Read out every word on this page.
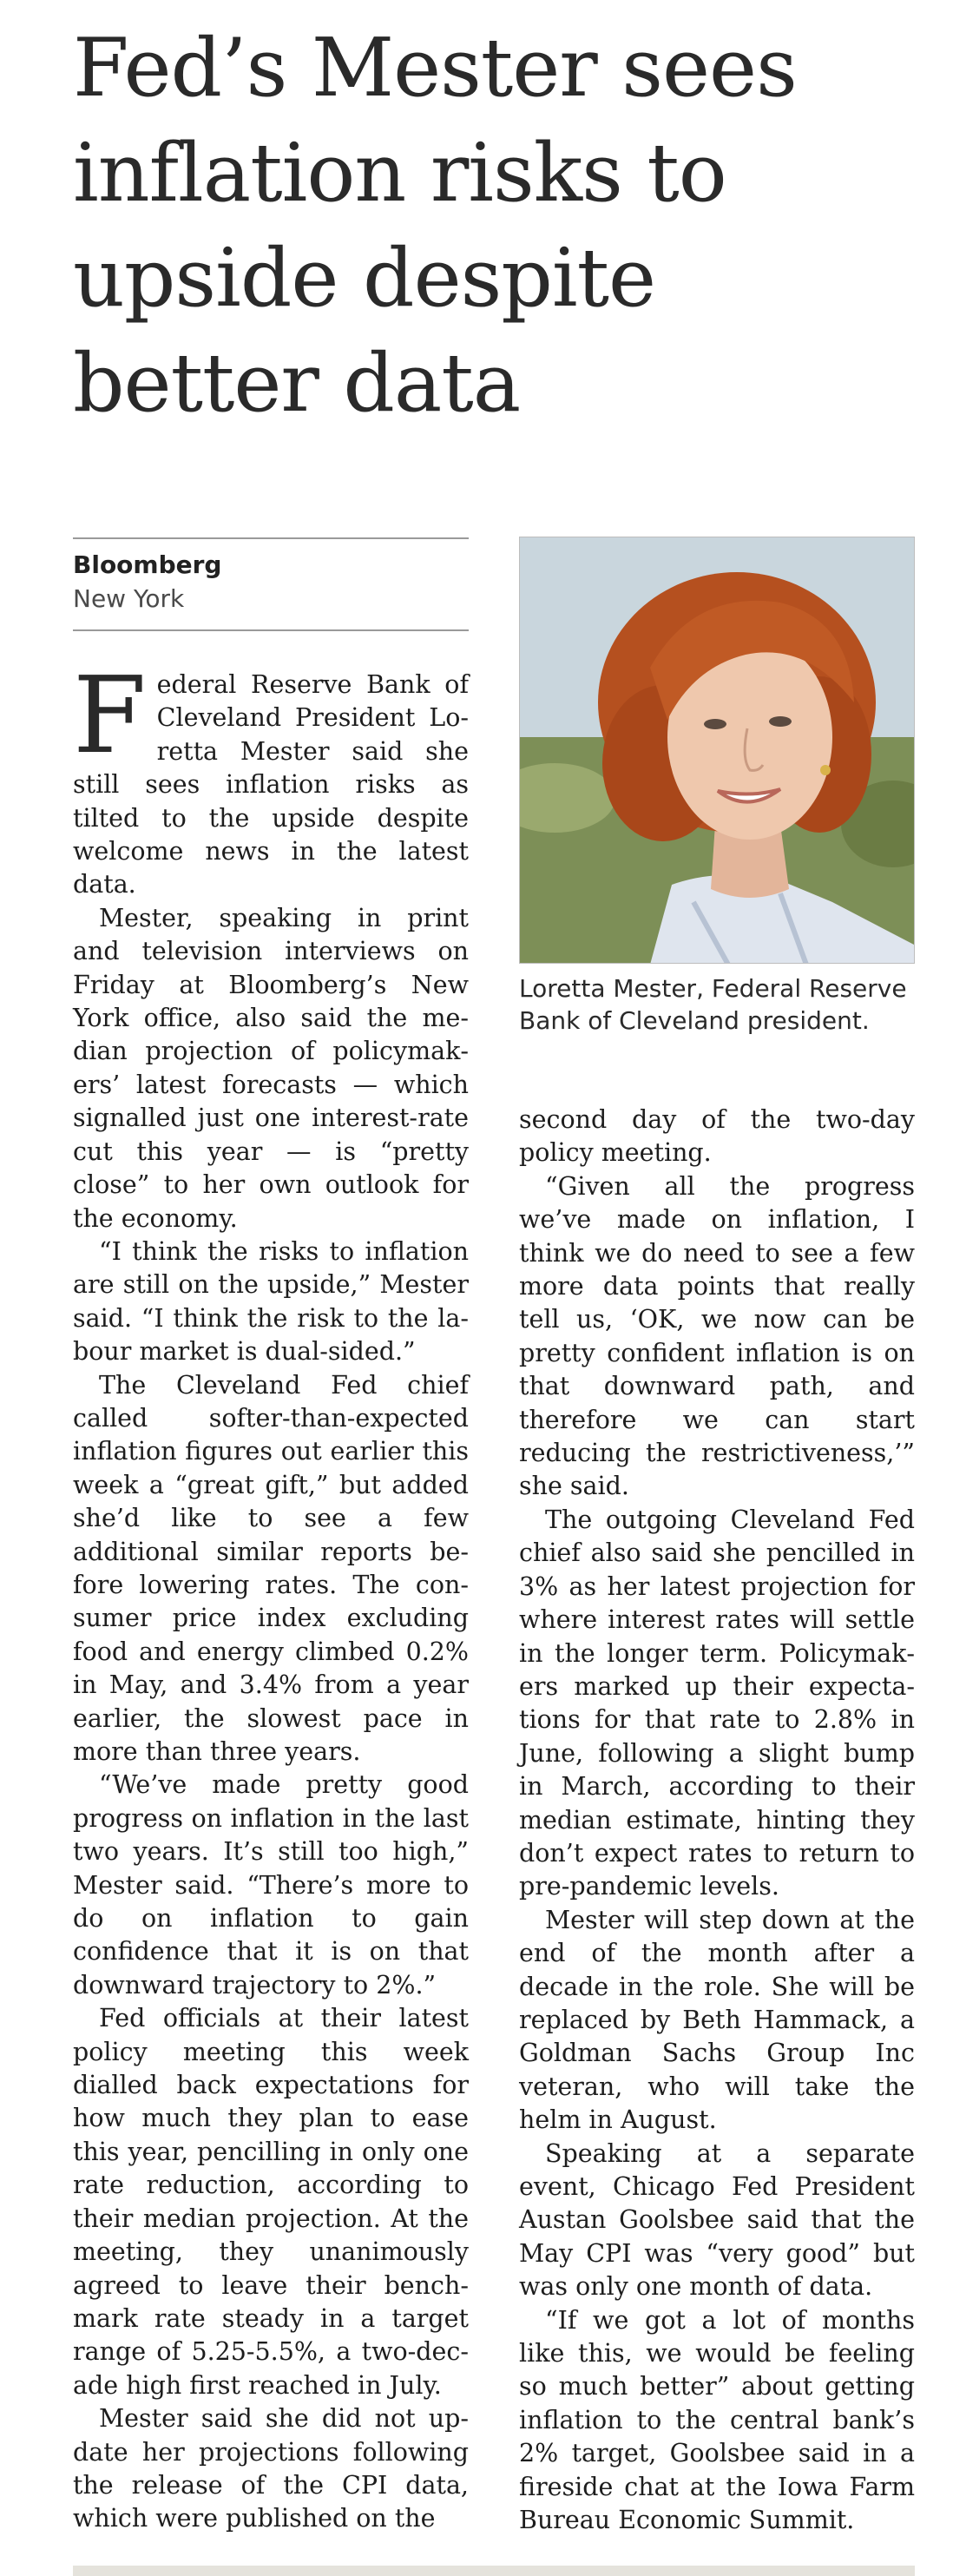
Fed’s Mester sees inflation risks to upside despite better data
Bloomberg
New York

Federal Reserve Bank of Cleveland President Loretta Mester said she still sees inflation risks as tilted to the upside despite welcome news in the latest data.

Mester, speaking in print and television interviews on Friday at Bloomberg’s New York office, also said the median projection of policymakers’ latest forecasts — which signalled just one interest-rate cut this year — is “pretty close” to her own outlook for the economy.

“I think the risks to inflation are still on the upside,” Mester said. “I think the risk to the labour market is dual-sided.”

The Cleveland Fed chief called softer-than-expected inflation figures out earlier this week a “great gift,” but added she’d like to see a few additional similar reports before lowering rates. The consumer price index excluding food and energy climbed 0.2% in May, and 3.4% from a year earlier, the slowest pace in more than three years.

“We’ve made pretty good progress on inflation in the last two years. It’s still too high,” Mester said. “There’s more to do on inflation to gain confidence that it is on that downward trajectory to 2%.”

Fed officials at their latest policy meeting this week dialled back expectations for how much they plan to ease this year, pencilling in only one rate reduction, according to their median projection. At the meeting, they unanimously agreed to leave their benchmark rate steady in a target range of 5.25-5.5%, a two-decade high first reached in July.

Mester said she did not update her projections following the release of the CPI data, which were published on the

Loretta Mester, Federal Reserve Bank of Cleveland president.

second day of the two-day policy meeting.

“Given all the progress we’ve made on inflation, I think we do need to see a few more data points that really tell us, ‘OK, we now can be pretty confident inflation is on that downward path, and therefore we can start reducing the restrictiveness,’” she said.

The outgoing Cleveland Fed chief also said she pencilled in 3% as her latest projection for where interest rates will settle in the longer term. Policymakers marked up their expectations for that rate to 2.8% in June, following a slight bump in March, according to their median estimate, hinting they don’t expect rates to return to pre-pandemic levels.

Mester will step down at the end of the month after a decade in the role. She will be replaced by Beth Hammack, a Goldman Sachs Group Inc veteran, who will take the helm in August.

Speaking at a separate event, Chicago Fed President Austan Goolsbee said that the May CPI was “very good” but was only one month of data.

“If we got a lot of months like this, we would be feeling so much better” about getting inflation to the central bank’s 2% target, Goolsbee said in a fireside chat at the Iowa Farm Bureau Economic Summit.
